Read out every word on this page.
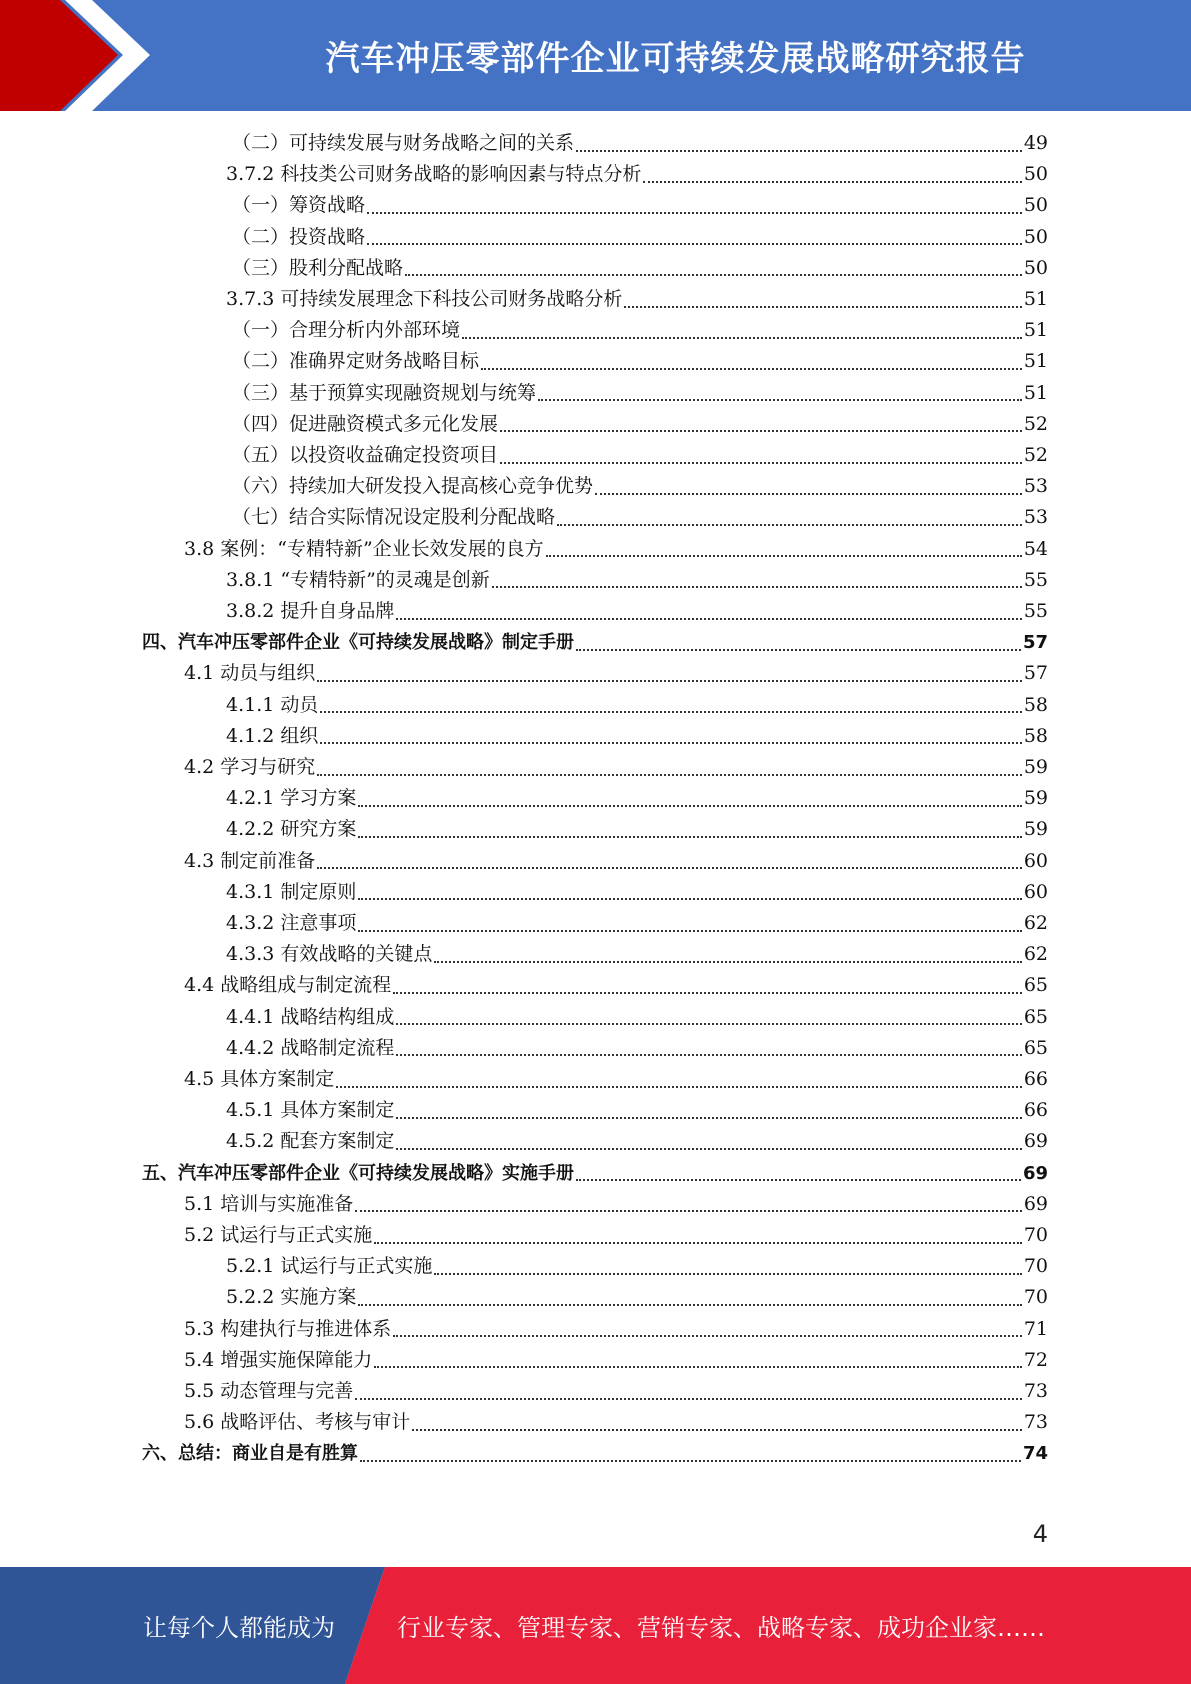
汽车冲压零部件企业可持续发展战略研究报告
（二）可持续发展与财务战略之间的关系	49
3.7.2 科技类公司财务战略的影响因素与特点分析	50
（一）筹资战略	50
（二）投资战略	50
（三）股利分配战略	50
3.7.3 可持续发展理念下科技公司财务战略分析	51
（一）合理分析内外部环境	51
（二）准确界定财务战略目标	51
（三）基于预算实现融资规划与统筹	51
（四）促进融资模式多元化发展	52
（五）以投资收益确定投资项目	52
（六）持续加大研发投入提高核心竞争优势	53
（七）结合实际情况设定股利分配战略	53
3.8 案例：“专精特新”企业长效发展的良方	54
3.8.1 “专精特新”的灵魂是创新	55
3.8.2 提升自身品牌	55
四、汽车冲压零部件企业《可持续发展战略》制定手册	57
4.1 动员与组织	57
4.1.1 动员	58
4.1.2 组织	58
4.2 学习与研究	59
4.2.1 学习方案	59
4.2.2 研究方案	59
4.3 制定前准备	60
4.3.1 制定原则	60
4.3.2 注意事项	62
4.3.3 有效战略的关键点	62
4.4 战略组成与制定流程	65
4.4.1 战略结构组成	65
4.4.2 战略制定流程	65
4.5 具体方案制定	66
4.5.1 具体方案制定	66
4.5.2 配套方案制定	69
五、汽车冲压零部件企业《可持续发展战略》实施手册	69
5.1 培训与实施准备	69
5.2 试运行与正式实施	70
5.2.1 试运行与正式实施	70
5.2.2 实施方案	70
5.3 构建执行与推进体系	71
5.4 增强实施保障能力	72
5.5 动态管理与完善	73
5.6 战略评估、考核与审计	73
六、总结：商业自是有胜算	74
4
让每个人都能成为	行业专家、管理专家、营销专家、战略专家、成功企业家……
